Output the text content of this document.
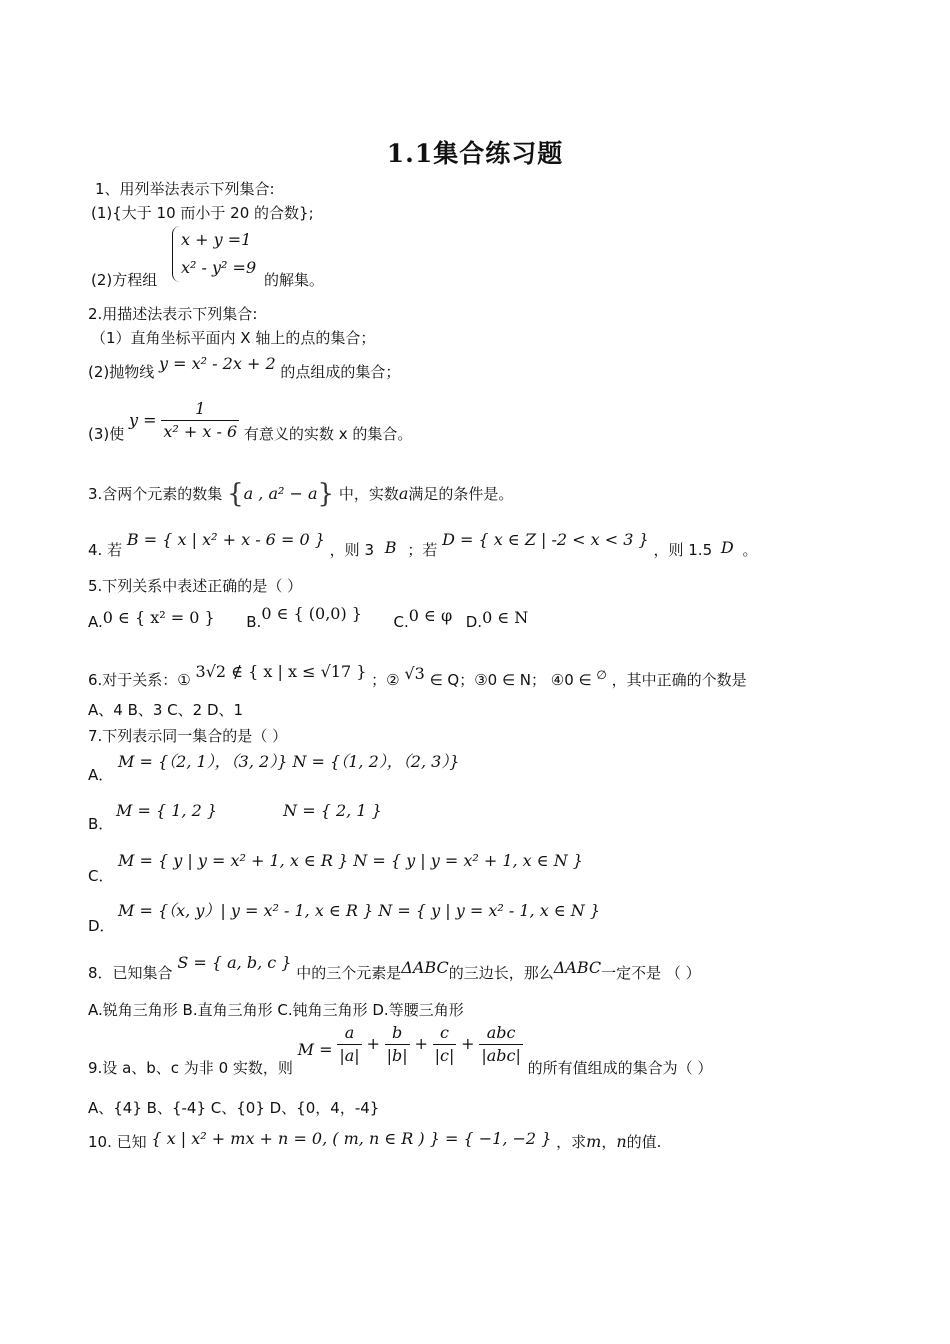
1.1集合练习题
1、用列举法表示下列集合:
(1){大于 10 而小于 20 的合数};
x + y =1
x² - y² =9
(2)方程组	的解集。
2.用描述法表示下列集合:
（1）直角坐标平面内 X 轴上的点的集合；
(2)抛物线 y = x² - 2x + 2 的点组成的集合；
(3)使 $y = \frac{1}{\text{x² + x - 6}}$ 有意义的实数 x 的集合。
3.含两个元素的数集 {a , a² − a} 中，实数a满足的条件是。
4. 若 B = { x | x² + x - 6 = 0 } ，则 3 B ；若 D = { x ∈ Z | -2 < x < 3 } ，则 1.5 D 。
5.下列关系中表述正确的是（ ）
A.0 ∈ { x² = 0 } B.0 ∈ { (0,0) } C.0 ∈ φ D.0 ∈ N
6.对于关系：① 3√2 ∉ { x | x ≤ √17 } ；② √3 ∈ Q；③0 ∈ N； ④0 ∈ ∅ ，其中正确的个数是
A、4 B、3 C、2 D、1
7.下列表示同一集合的是（ ）
A．
M = {（2, 1），（3, 2）} N = {（1, 2），（2, 3）}
B．
M = { 1, 2 }             N = { 2, 1 }
C．
M = { y | y = x² + 1, x ∈ R } N = { y | y = x² + 1, x ∈ N }
D．
M = {（x, y）| y = x² - 1, x ∈ R } N = { y | y = x² - 1, x ∈ N }
8．已知集合 S = { a, b, c } 中的三个元素是ΔABC的三边长，那么ΔABC一定不是 （ ）
A.锐角三角形 B.直角三角形 C.钝角三角形 D.等腰三角形
9.设 a、b、c 为非 0 实数，则 $M = \frac{a}{|a|} + \frac{b}{|b|} + \frac{c}{|c|} + \frac{\text{abc}}{\text{|abc|}}$
的所有值组成的集合为（ ）
A、{4} B、{-4} C、{0} D、{0，4，-4}
10. 已知 { x | x² + mx + n = 0, ( m, n ∈ R ) } = { −1, −2 } ，求m，n的值.
